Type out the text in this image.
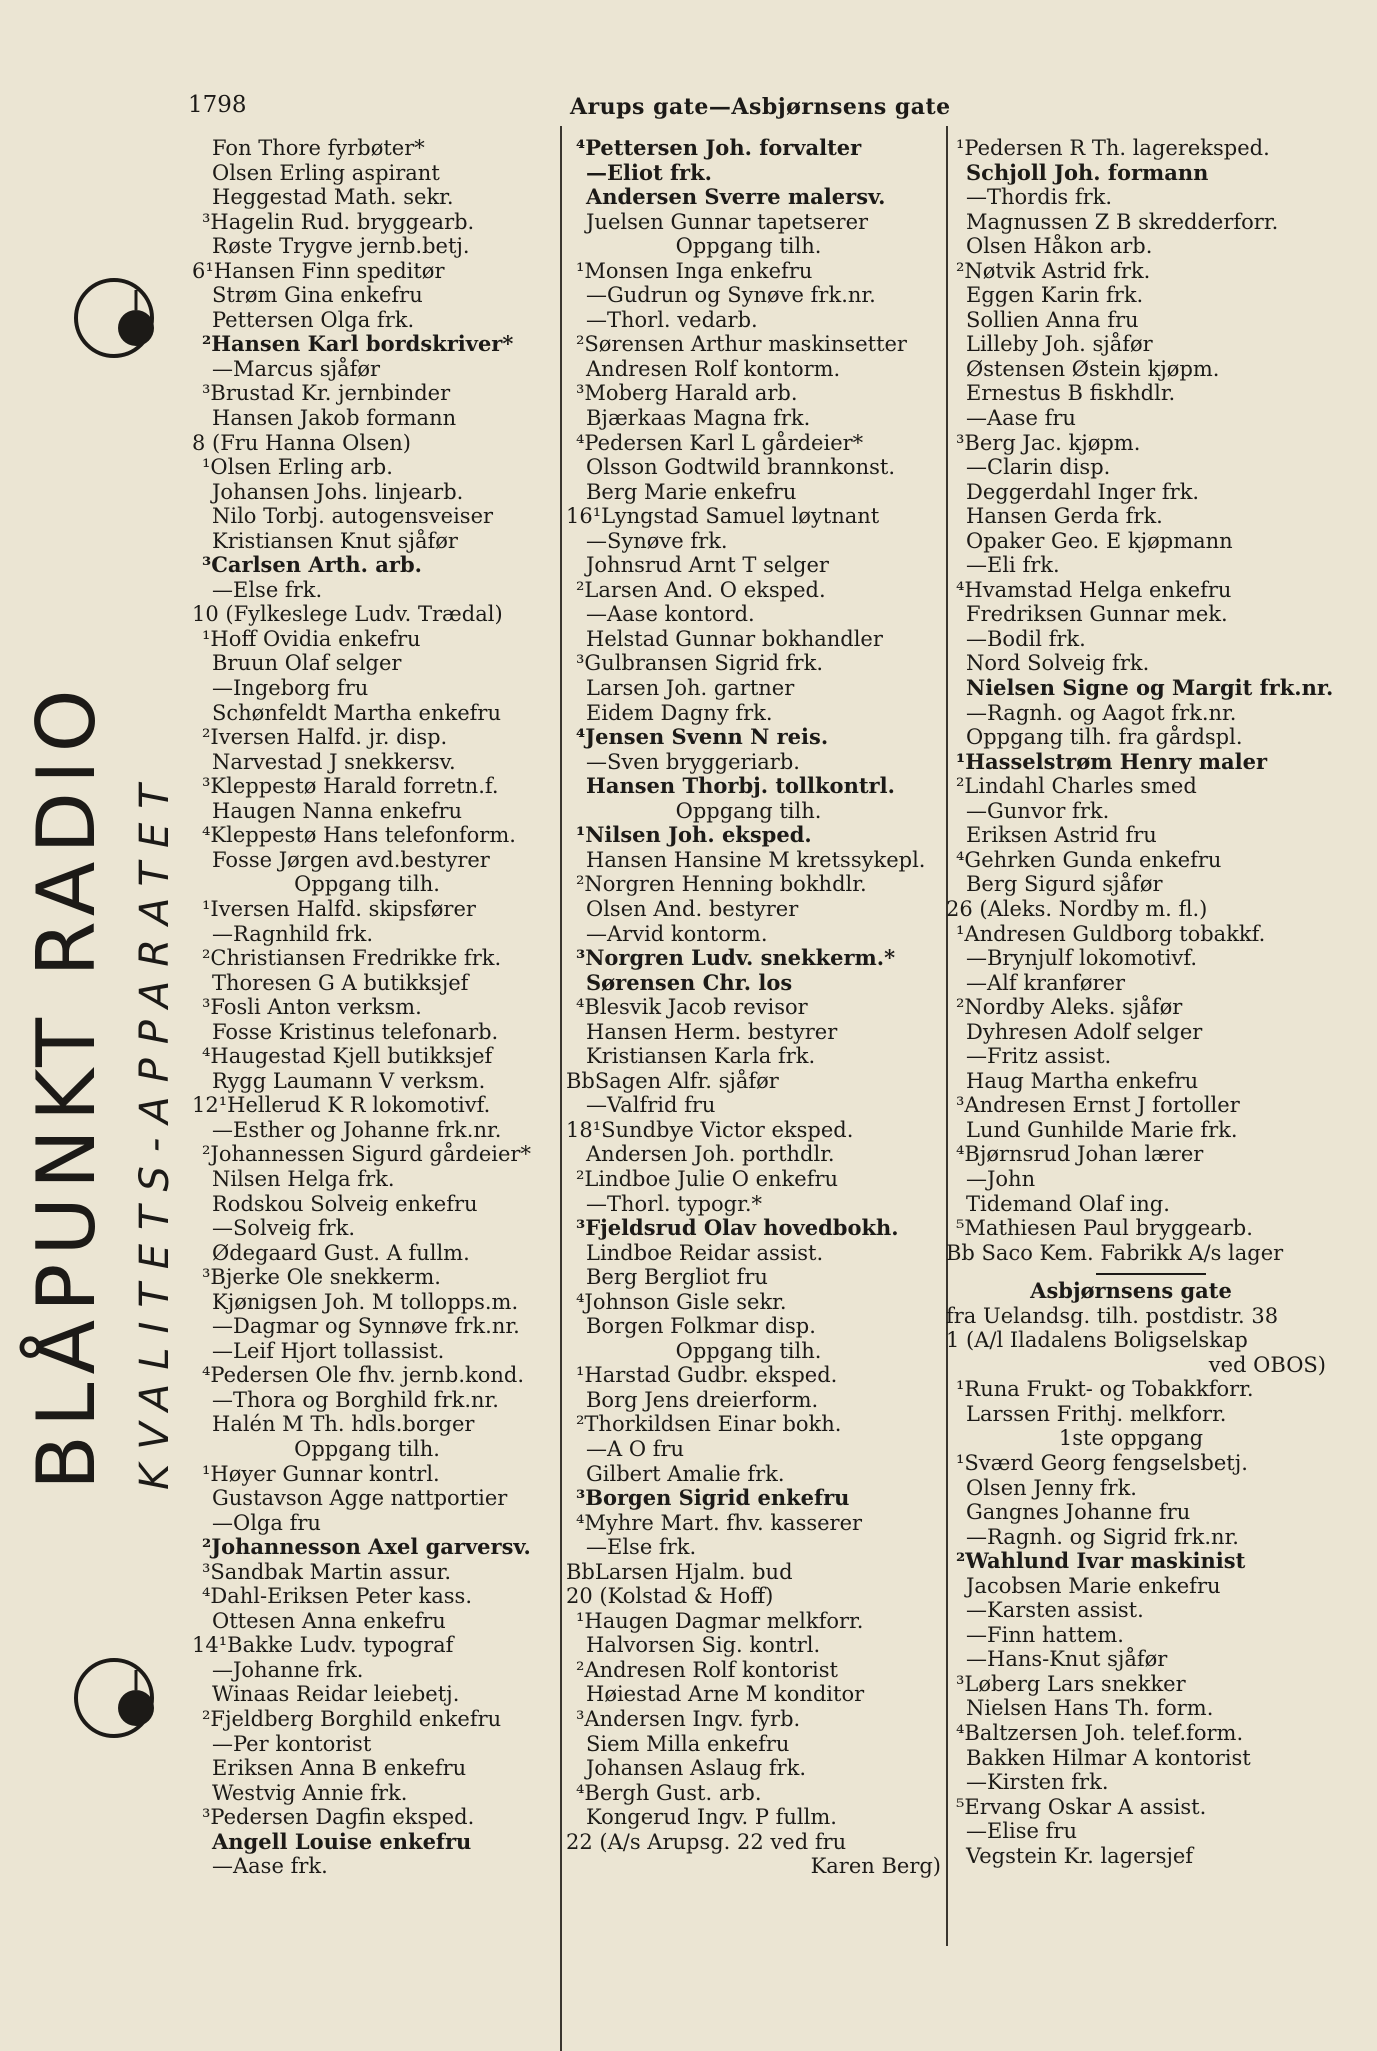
1798	Arups gate—Asbjørnsens gate
BLÅPUNKT RADIO KVALITETS-APPARATET
Fon Thore fyrbøter*
Olsen Erling aspirant
Heggestad Math. sekr.
³Hagelin Rud. bryggearb.
Røste Trygve jernb.betj.
6¹Hansen Finn speditør
Strøm Gina enkefru
Pettersen Olga frk.
²Hansen Karl bordskriver*
—Marcus sjåfør
³Brustad Kr. jernbinder
Hansen Jakob formann
8 (Fru Hanna Olsen)
¹Olsen Erling arb.
Johansen Johs. linjearb.
Nilo Torbj. autogensveiser
Kristiansen Knut sjåfør
³Carlsen Arth. arb.
—Else frk.
10 (Fylkeslege Ludv. Trædal)
¹Hoff Ovidia enkefru
Bruun Olaf selger
—Ingeborg fru
Schønfeldt Martha enkefru
²Iversen Halfd. jr. disp.
Narvestad J snekkersv.
³Kleppestø Harald forretn.f.
Haugen Nanna enkefru
⁴Kleppestø Hans telefonform.
Fosse Jørgen avd.bestyrer
Oppgang tilh.
¹Iversen Halfd. skipsfører
—Ragnhild frk.
²Christiansen Fredrikke frk.
Thoresen G A butikksjef
³Fosli Anton verksm.
Fosse Kristinus telefonarb.
⁴Haugestad Kjell butikksjef
Rygg Laumann V verksm.
12¹Hellerud K R lokomotivf.
—Esther og Johanne frk.nr.
²Johannessen Sigurd gårdeier*
Nilsen Helga frk.
Rodskou Solveig enkefru
—Solveig frk.
Ødegaard Gust. A fullm.
³Bjerke Ole snekkerm.
Kjønigsen Joh. M tollopps.m.
—Dagmar og Synnøve frk.nr.
—Leif Hjort tollassist.
⁴Pedersen Ole fhv. jernb.kond.
—Thora og Borghild frk.nr.
Halén M Th. hdls.borger
Oppgang tilh.
¹Høyer Gunnar kontrl.
Gustavson Agge nattportier
—Olga fru
²Johannesson Axel garversv.
³Sandbak Martin assur.
⁴Dahl-Eriksen Peter kass.
Ottesen Anna enkefru
14¹Bakke Ludv. typograf
—Johanne frk.
Winaas Reidar leiebetj.
²Fjeldberg Borghild enkefru
—Per kontorist
Eriksen Anna B enkefru
Westvig Annie frk.
³Pedersen Dagfin eksped.
Angell Louise enkefru
—Aase frk.
⁴Pettersen Joh. forvalter
—Eliot frk.
Andersen Sverre malersv.
Juelsen Gunnar tapetserer
Oppgang tilh.
¹Monsen Inga enkefru
—Gudrun og Synøve frk.nr.
—Thorl. vedarb.
²Sørensen Arthur maskinsetter
Andresen Rolf kontorm.
³Moberg Harald arb.
Bjærkaas Magna frk.
⁴Pedersen Karl L gårdeier*
Olsson Godtwild brannkonst.
Berg Marie enkefru
16¹Lyngstad Samuel løytnant
—Synøve frk.
Johnsrud Arnt T selger
²Larsen And. O eksped.
—Aase kontord.
Helstad Gunnar bokhandler
³Gulbransen Sigrid frk.
Larsen Joh. gartner
Eidem Dagny frk.
⁴Jensen Svenn N reis.
—Sven bryggeriarb.
Hansen Thorbj. tollkontrl.
Oppgang tilh.
¹Nilsen Joh. eksped.
Hansen Hansine M kretssykepl.
²Norgren Henning bokhdlr.
Olsen And. bestyrer
—Arvid kontorm.
³Norgren Ludv. snekkerm.*
Sørensen Chr. los
⁴Blesvik Jacob revisor
Hansen Herm. bestyrer
Kristiansen Karla frk.
BbSagen Alfr. sjåfør
—Valfrid fru
18¹Sundbye Victor eksped.
Andersen Joh. porthdlr.
²Lindboe Julie O enkefru
—Thorl. typogr.*
³Fjeldsrud Olav hovedbokh.
Lindboe Reidar assist.
Berg Bergliot fru
⁴Johnson Gisle sekr.
Borgen Folkmar disp.
Oppgang tilh.
¹Harstad Gudbr. eksped.
Borg Jens dreierform.
²Thorkildsen Einar bokh.
—A O fru
Gilbert Amalie frk.
³Borgen Sigrid enkefru
⁴Myhre Mart. fhv. kasserer
—Else frk.
BbLarsen Hjalm. bud
20 (Kolstad & Hoff)
¹Haugen Dagmar melkforr.
Halvorsen Sig. kontrl.
²Andresen Rolf kontorist
Høiestad Arne M konditor
³Andersen Ingv. fyrb.
Siem Milla enkefru
Johansen Aslaug frk.
⁴Bergh Gust. arb.
Kongerud Ingv. P fullm.
22 (A/s Arupsg. 22 ved fru
Karen Berg)
¹Pedersen R Th. lagereksped.
Schjoll Joh. formann
—Thordis frk.
Magnussen Z B skredderforr.
Olsen Håkon arb.
²Nøtvik Astrid frk.
Eggen Karin frk.
Sollien Anna fru
Lilleby Joh. sjåfør
Østensen Østein kjøpm.
Ernestus B fiskhdlr.
—Aase fru
³Berg Jac. kjøpm.
—Clarin disp.
Deggerdahl Inger frk.
Hansen Gerda frk.
Opaker Geo. E kjøpmann
—Eli frk.
⁴Hvamstad Helga enkefru
Fredriksen Gunnar mek.
—Bodil frk.
Nord Solveig frk.
Nielsen Signe og Margit frk.nr.
—Ragnh. og Aagot frk.nr.
Oppgang tilh. fra gårdspl.
¹Hasselstrøm Henry maler
²Lindahl Charles smed
—Gunvor frk.
Eriksen Astrid fru
⁴Gehrken Gunda enkefru
Berg Sigurd sjåfør
26 (Aleks. Nordby m. fl.)
¹Andresen Guldborg tobakkf.
—Brynjulf lokomotivf.
—Alf kranfører
²Nordby Aleks. sjåfør
Dyhresen Adolf selger
—Fritz assist.
Haug Martha enkefru
³Andresen Ernst J fortoller
Lund Gunhilde Marie frk.
⁴Bjørnsrud Johan lærer
—John
Tidemand Olaf ing.
⁵Mathiesen Paul bryggearb.
Bb Saco Kem. Fabrikk A/s lager
Asbjørnsens gate
fra Uelandsg. tilh. postdistr. 38
1 (A/l Iladalens Boligselskap
ved OBOS)
¹Runa Frukt- og Tobakkforr.
Larssen Frithj. melkforr.
1ste oppgang
¹Sværd Georg fengselsbetj.
Olsen Jenny frk.
Gangnes Johanne fru
—Ragnh. og Sigrid frk.nr.
²Wahlund Ivar maskinist
Jacobsen Marie enkefru
—Karsten assist.
—Finn hattem.
—Hans-Knut sjåfør
³Løberg Lars snekker
Nielsen Hans Th. form.
⁴Baltzersen Joh. telef.form.
Bakken Hilmar A kontorist
—Kirsten frk.
⁵Ervang Oskar A assist.
—Elise fru
Vegstein Kr. lagersjef
